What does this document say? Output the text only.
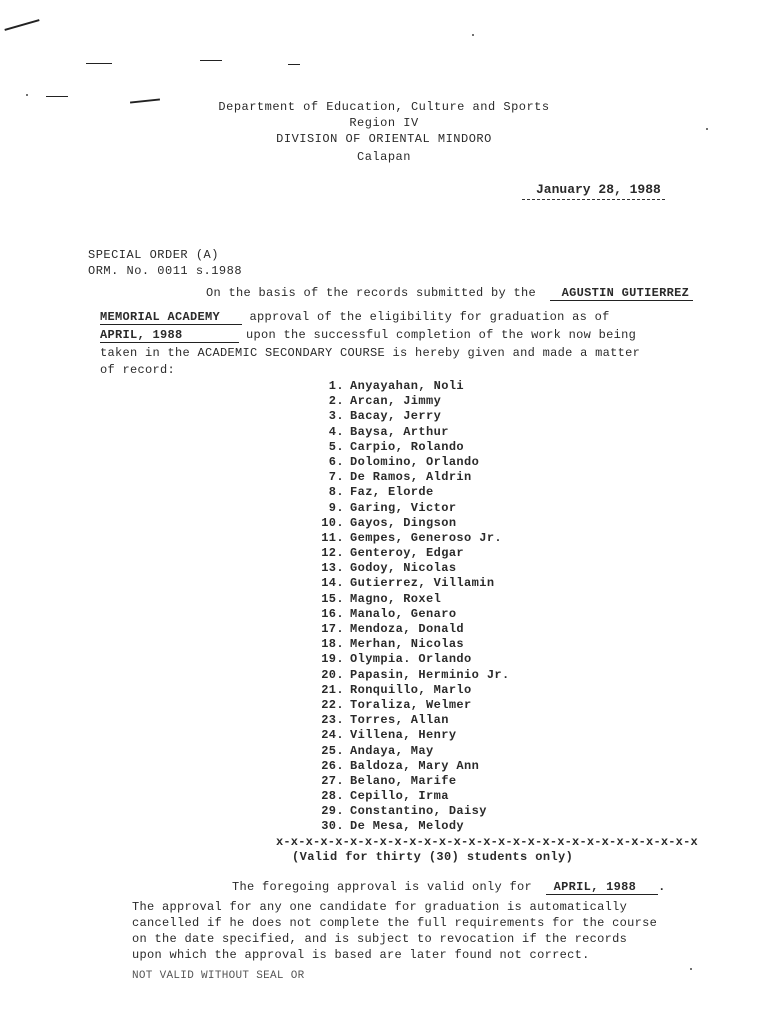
Department of Education, Culture and Sports
Region IV
DIVISION OF ORIENTAL MINDORO
Calapan
January 28, 1988
SPECIAL ORDER (A)
ORM. No. 0011 s.1988
On the basis of the records submitted by the AGUSTIN GUTIERREZ
MEMORIAL ACADEMY approval of the eligibility for graduation as of
APRIL, 1988	upon the successful completion of the work now being
taken in the ACADEMIC SECONDARY COURSE is hereby given and made a matter
of record:
1. Anyayahan, Noli
2. Arcan, Jimmy
3. Bacay, Jerry
4. Baysa, Arthur
5. Carpio, Rolando
6. Dolomino, Orlando
7. De Ramos, Aldrin
8. Faz, Elorde
9. Garing, Victor
10. Gayos, Dingson
11. Gempes, Generoso Jr.
12. Genteroy, Edgar
13. Godoy, Nicolas
14. Gutierrez, Villamin
15. Magno, Roxel
16. Manalo, Genaro
17. Mendoza, Donald
18. Merhan, Nicolas
19. Olympia. Orlando
20. Papasin, Herminio Jr.
21. Ronquillo, Marlo
22. Toraliza, Welmer
23. Torres, Allan
24. Villena, Henry
25. Andaya, May
26. Baldoza, Mary Ann
27. Belano, Marife
28. Cepillo, Irma
29. Constantino, Daisy
30. De Mesa, Melody
x-x-x-x-x-x-x-x-x-x-x-x-x-x-x-x-x-x-x-x-x-x-x-x-x-x-x-x-x
(Valid for thirty (30) students only)
The foregoing approval is valid only for APRIL, 1988 .
The approval for any one candidate for graduation is automatically
cancelled if he does not complete the full requirements for the course
on the date specified, and is subject to revocation if the records
upon which the approval is based are later found not correct.
NOT VALID WITHOUT SEAL OR
